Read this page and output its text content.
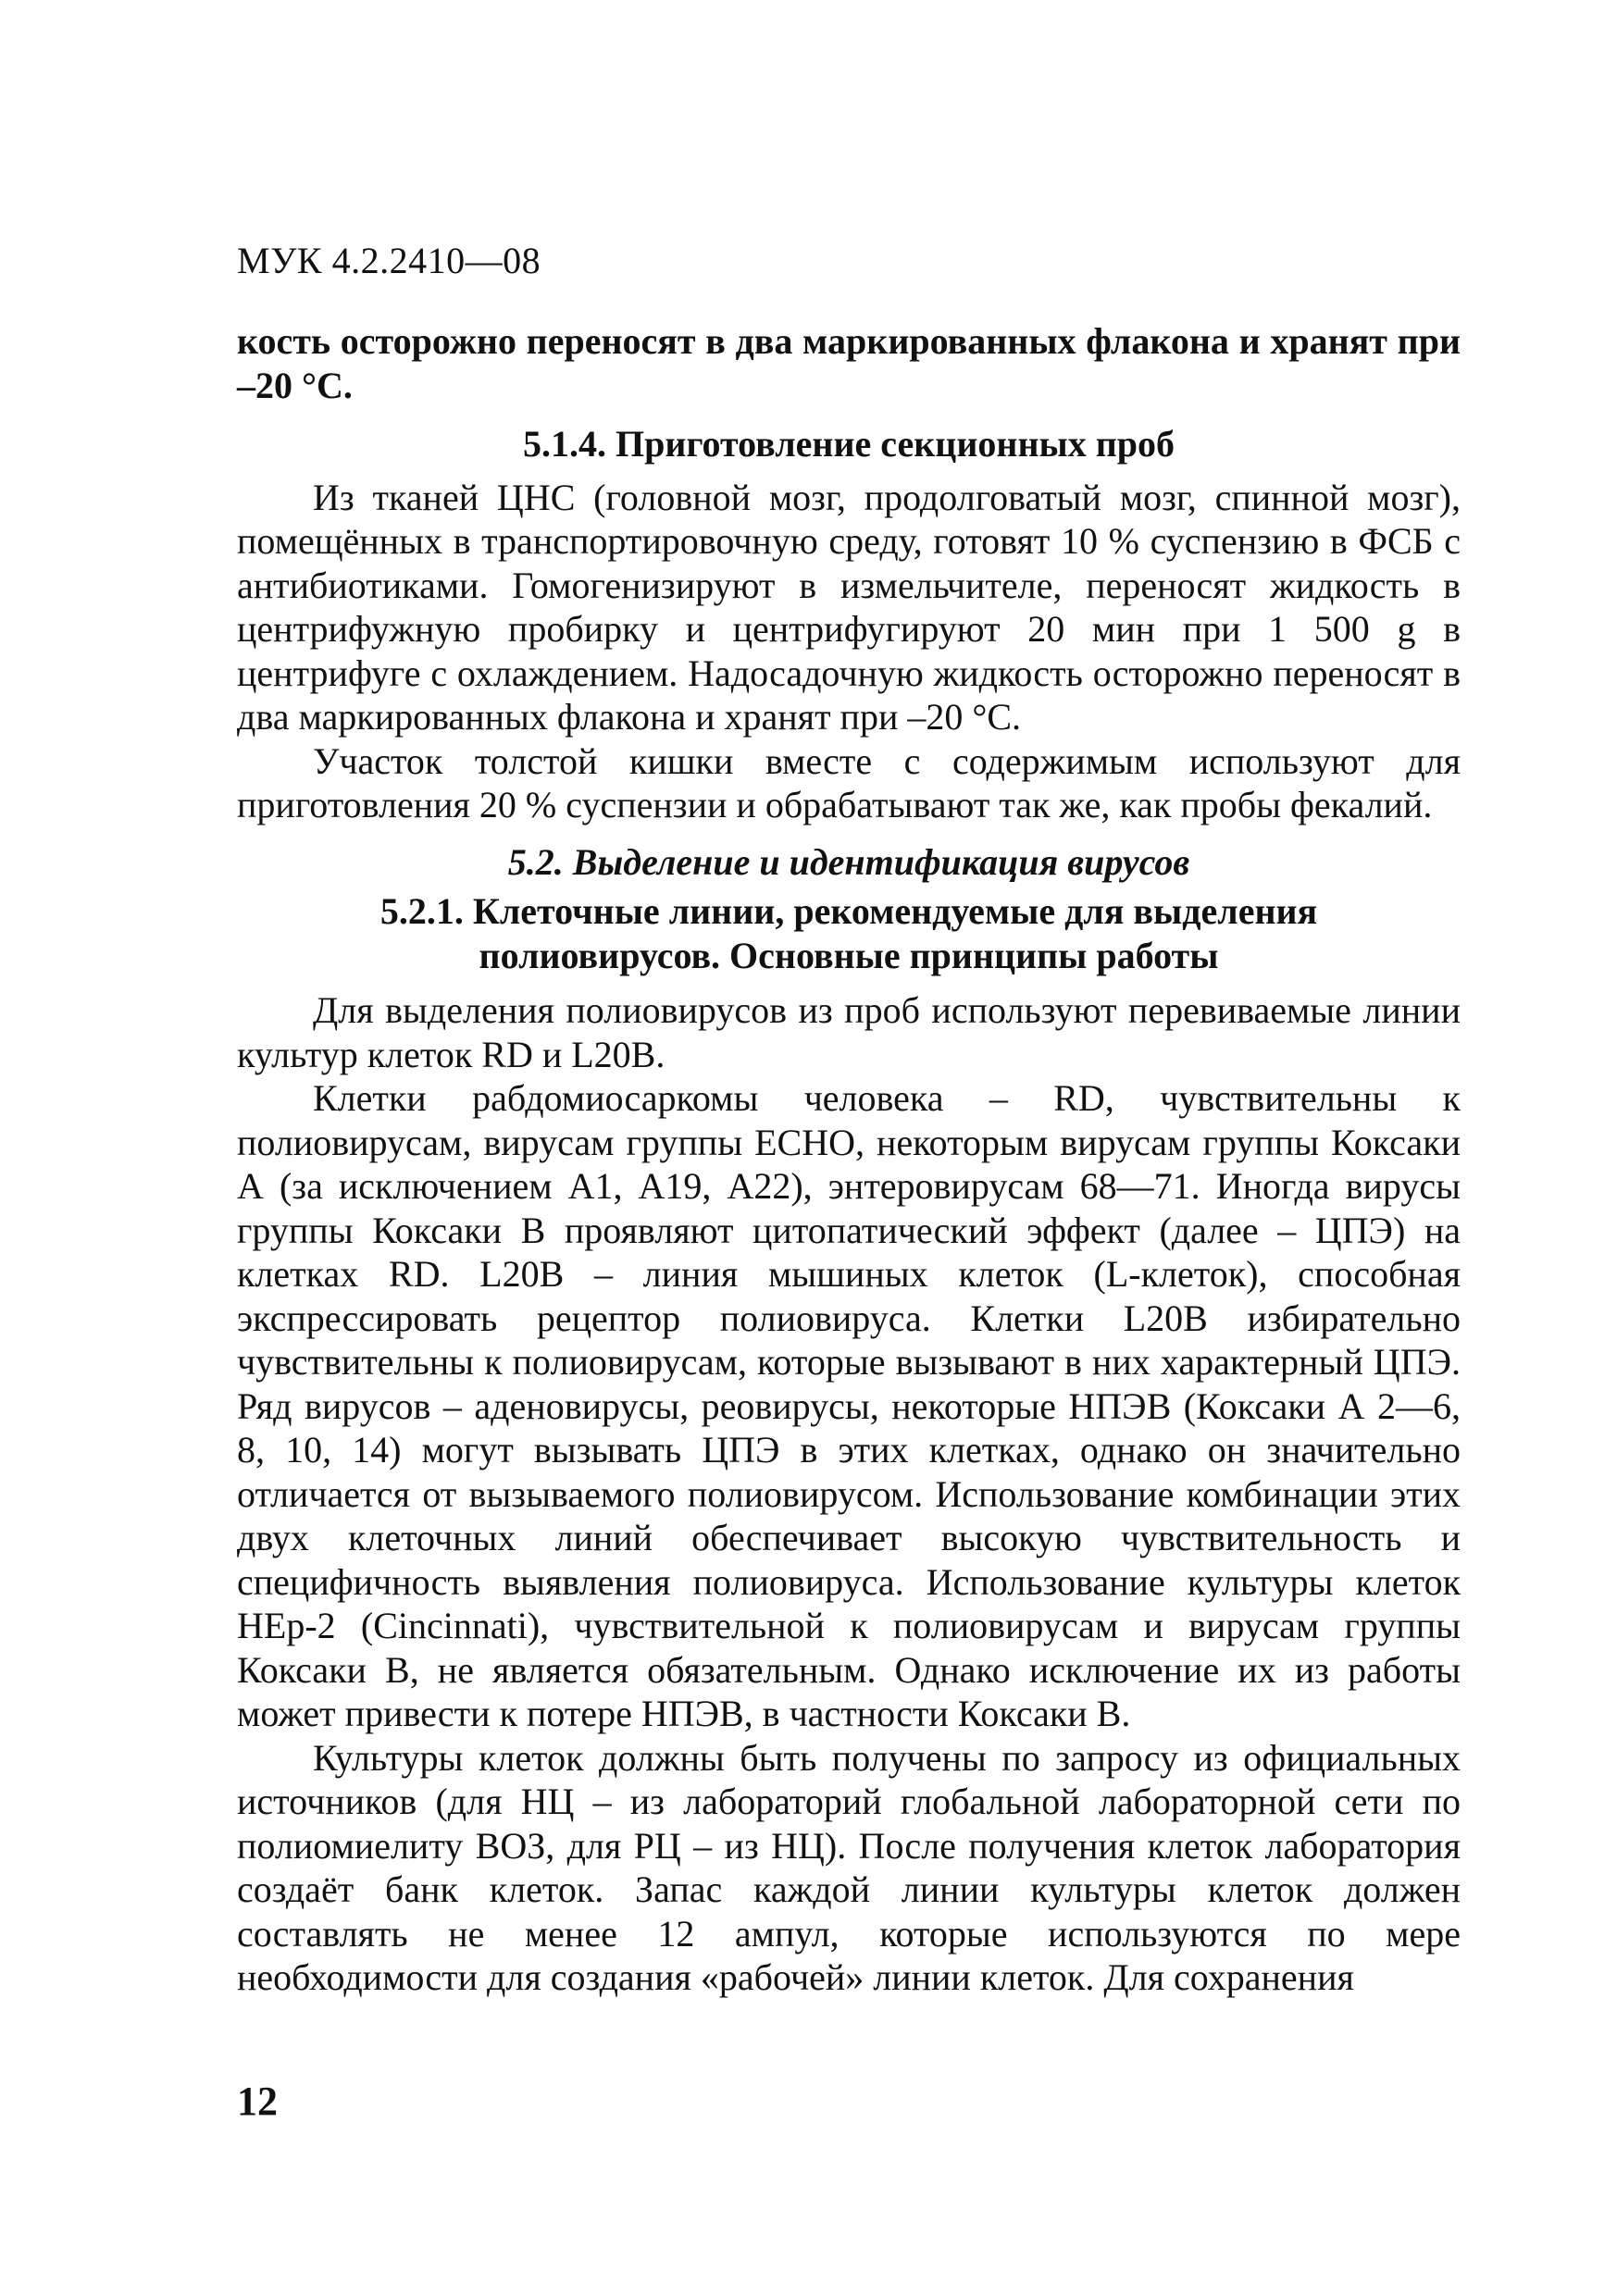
МУК 4.2.2410—08

кость осторожно переносят в два маркированных флакона и хранят при –20 °С.

5.1.4. Приготовление секционных проб

Из тканей ЦНС (головной мозг, продолговатый мозг, спинной мозг), помещённых в транспортировочную среду, готовят 10 % суспензию в ФСБ с антибиотиками. Гомогенизируют в измельчителе, переносят жидкость в центрифужную пробирку и центрифугируют 20 мин при 1 500 g в центрифуге с охлаждением. Надосадочную жидкость осторожно переносят в два маркированных флакона и хранят при –20 °С.

Участок толстой кишки вместе с содержимым используют для приготовления 20 % суспензии и обрабатывают так же, как пробы фекалий.

5.2. Выделение и идентификация вирусов

5.2.1. Клеточные линии, рекомендуемые для выделения

полиовирусов. Основные принципы работы

Для выделения полиовирусов из проб используют перевиваемые линии культур клеток RD и L20B.

Клетки рабдомиосаркомы человека – RD, чувствительны к полиовирусам, вирусам группы ЕСНО, некоторым вирусам группы Коксаки А (за исключением А1, А19, А22), энтеровирусам 68—71. Иногда вирусы группы Коксаки В проявляют цитопатический эффект (далее – ЦПЭ) на клетках RD. L20B – линия мышиных клеток (L-клеток), способная экспрессировать рецептор полиовируса. Клетки L20B избирательно чувствительны к полиовирусам, которые вызывают в них характерный ЦПЭ. Ряд вирусов – аденовирусы, реовирусы, некоторые НПЭВ (Коксаки А 2—6, 8, 10, 14) могут вызывать ЦПЭ в этих клетках, однако он значительно отличается от вызываемого полиовирусом. Использование комбинации этих двух клеточных линий обеспечивает высокую чувствительность и специфичность выявления полиовируса. Использование культуры клеток НЕр-2 (Cincinnati), чувствительной к полиовирусам и вирусам группы Коксаки В, не является обязательным. Однако исключение их из работы может привести к потере НПЭВ, в частности Коксаки В.

Культуры клеток должны быть получены по запросу из официальных источников (для НЦ – из лабораторий глобальной лабораторной сети по полиомиелиту ВОЗ, для РЦ – из НЦ). После получения клеток лаборатория создаёт банк клеток. Запас каждой линии культуры клеток должен составлять не менее 12 ампул, которые используются по мере необходимости для создания «рабочей» линии клеток. Для сохранения

12
